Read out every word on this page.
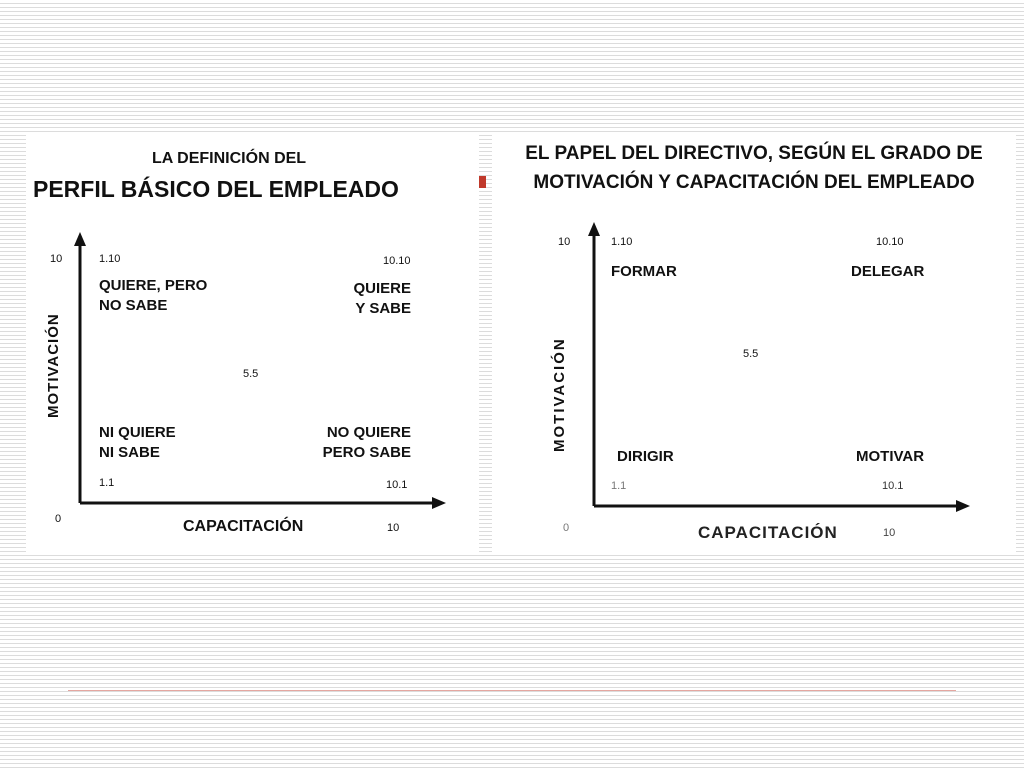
LA DEFINICIÓN DEL
PERFIL BÁSICO DEL EMPLEADO
MOTIVACIÓN
CAPACITACIÓN
10
0
10
1.10	10.10
5.5
1.1	10.1
QUIERE, PERO
NO SABE
QUIERE
Y SABE
NI QUIERE
NI SABE
NO QUIERE
PERO SABE
EL PAPEL DEL DIRECTIVO, SEGÚN EL GRADO DE
MOTIVACIÓN Y CAPACITACIÓN DEL EMPLEADO
MOTIVACIÓN
CAPACITACIÓN
10
0	10
1.10	10.10
5.5
1.1	10.1
FORMAR	DELEGAR
DIRIGIR	MOTIVAR
